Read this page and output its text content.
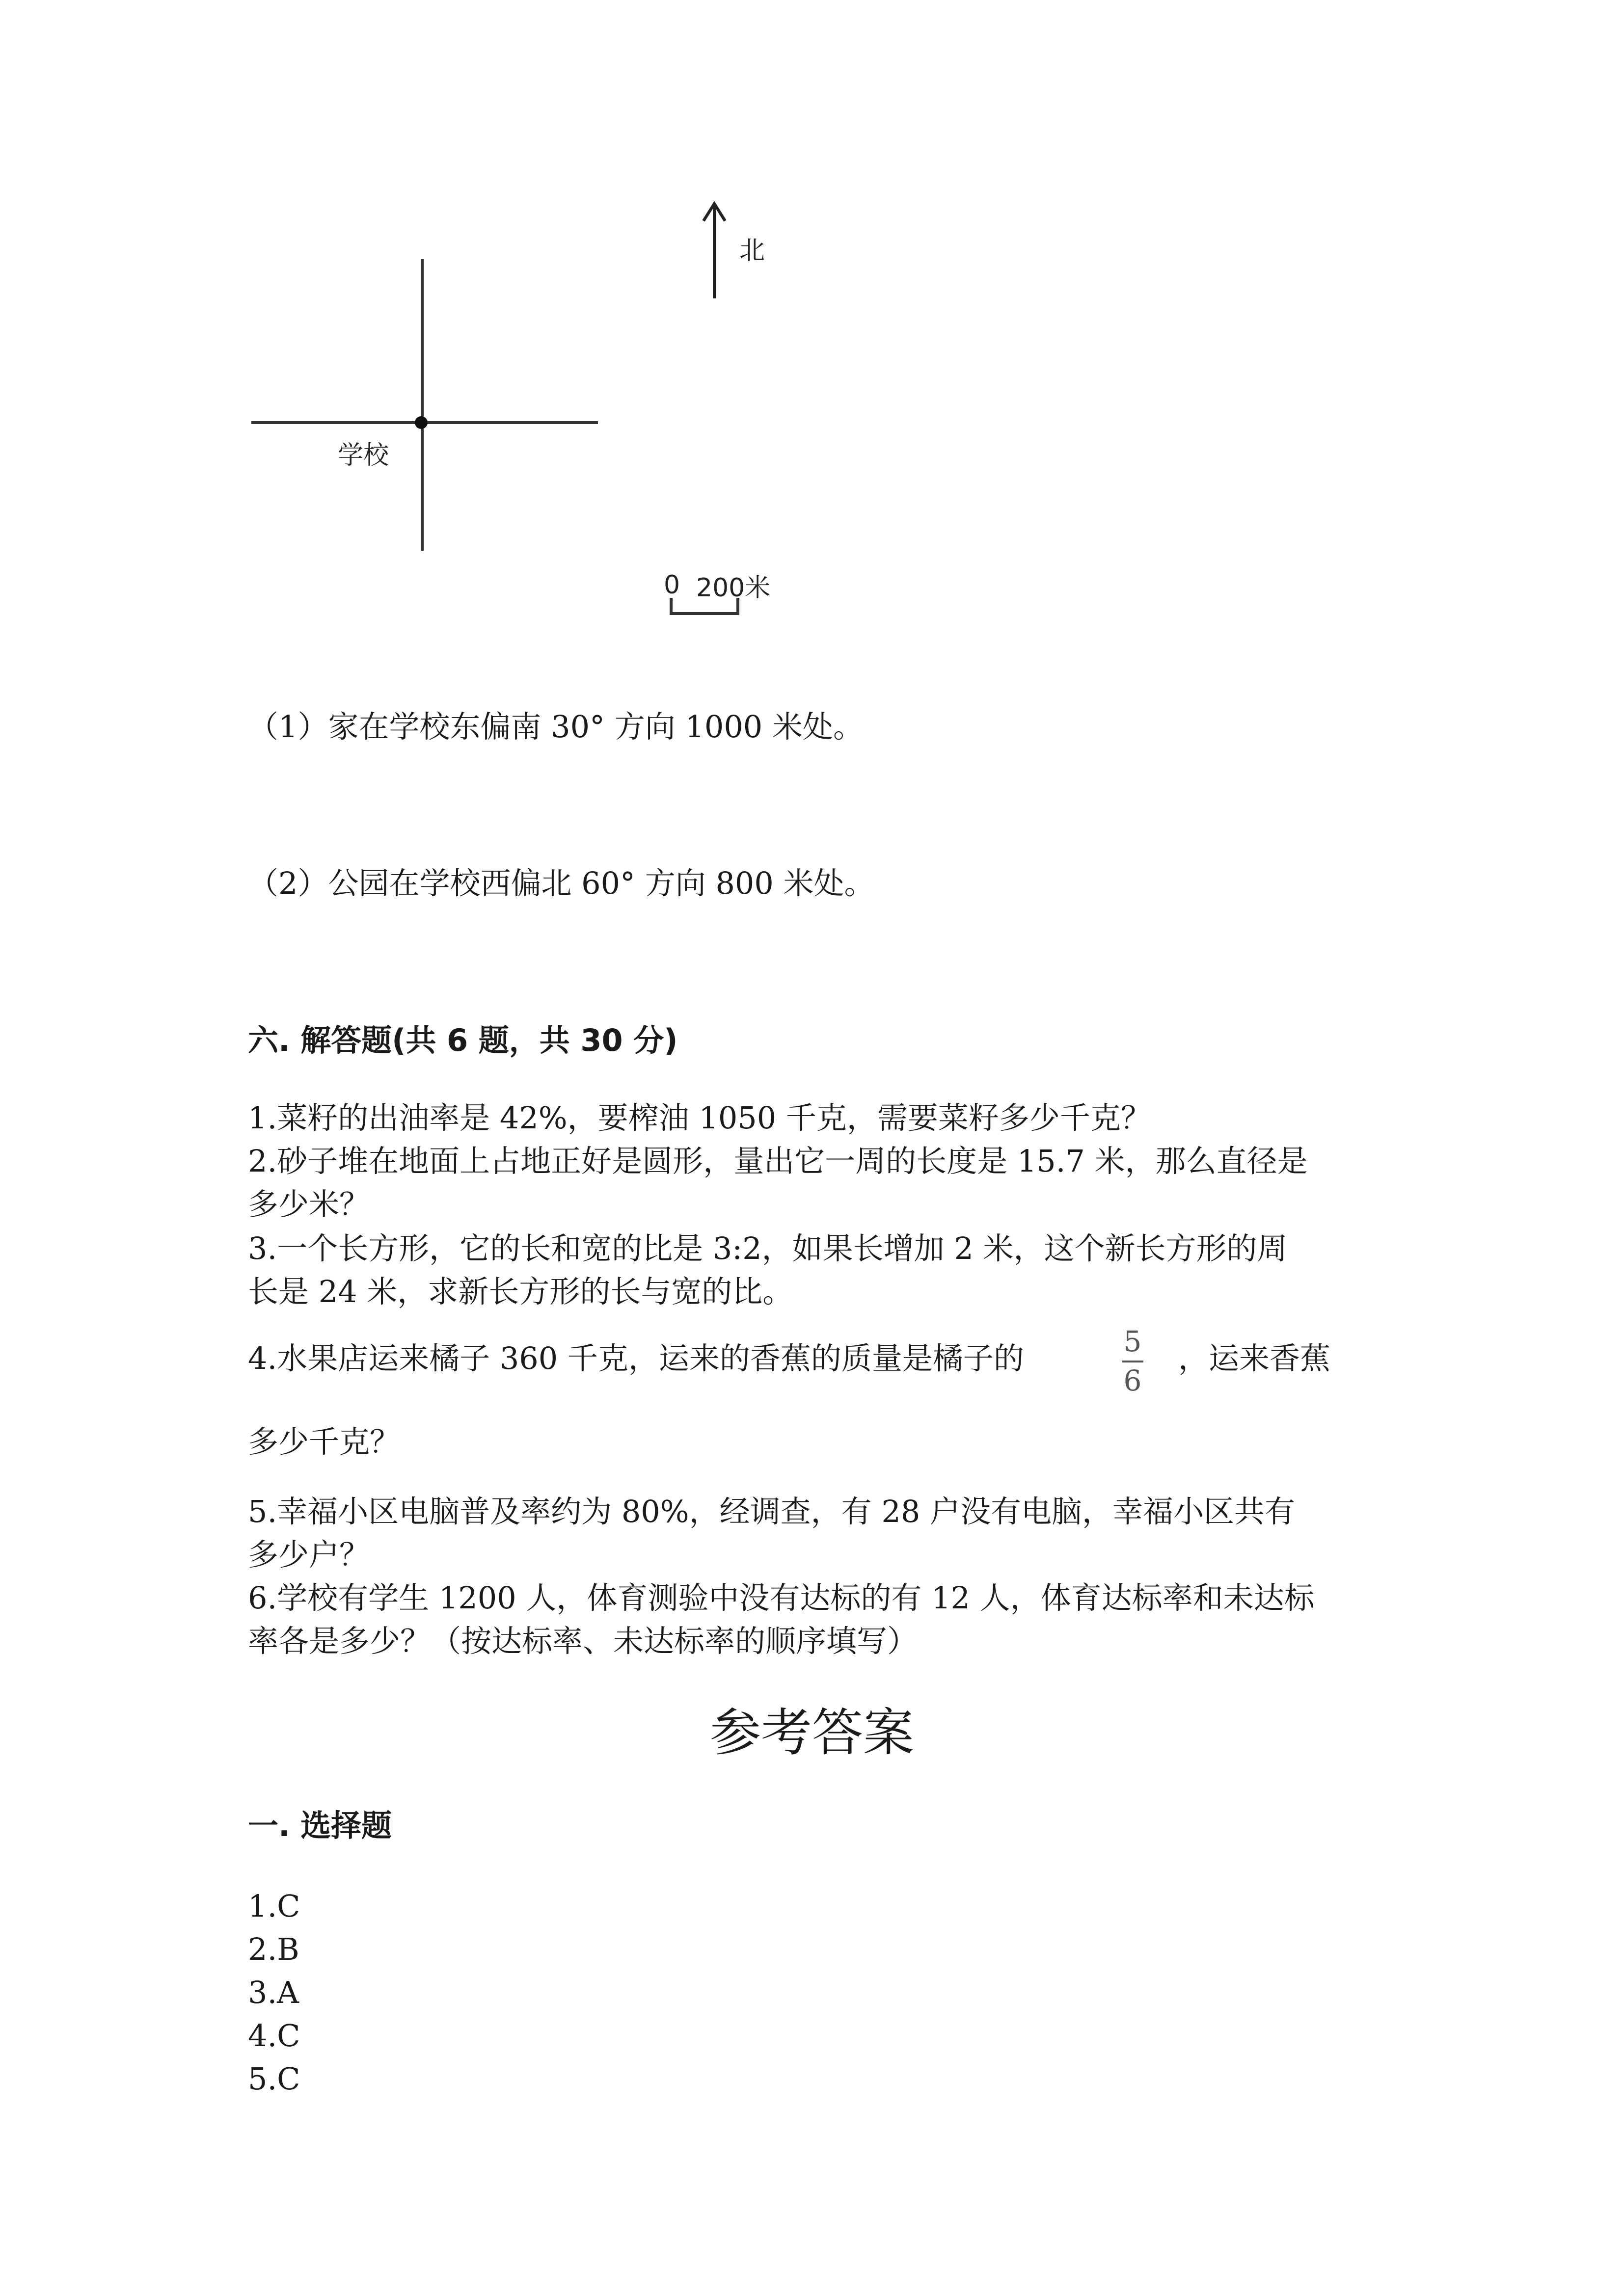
北
学校
0 200米
（1）家在学校东偏南 30° 方向 1000 米处。
（2）公园在学校西偏北 60° 方向 800 米处。
六. 解答题(共 6 题，共 30 分)
1.菜籽的出油率是 42%，要榨油 1050 千克，需要菜籽多少千克？
2.砂子堆在地面上占地正好是圆形，量出它一周的长度是 15.7 米，那么直径是
多少米？
3.一个长方形，它的长和宽的比是 3:2，如果长增加 2 米，这个新长方形的周
长是 24 米，求新长方形的长与宽的比。
4.水果店运来橘子 360 千克，运来的香蕉的质量是橘子的	5
6
，运来香蕉
多少千克？
5.幸福小区电脑普及率约为 80%，经调查，有 28 户没有电脑，幸福小区共有
多少户？
6.学校有学生 1200 人，体育测验中没有达标的有 12 人，体育达标率和未达标
率各是多少？（按达标率、未达标率的顺序填写）
参考答案
一. 选择题
1.C
2.B
3.A
4.C
5.C
